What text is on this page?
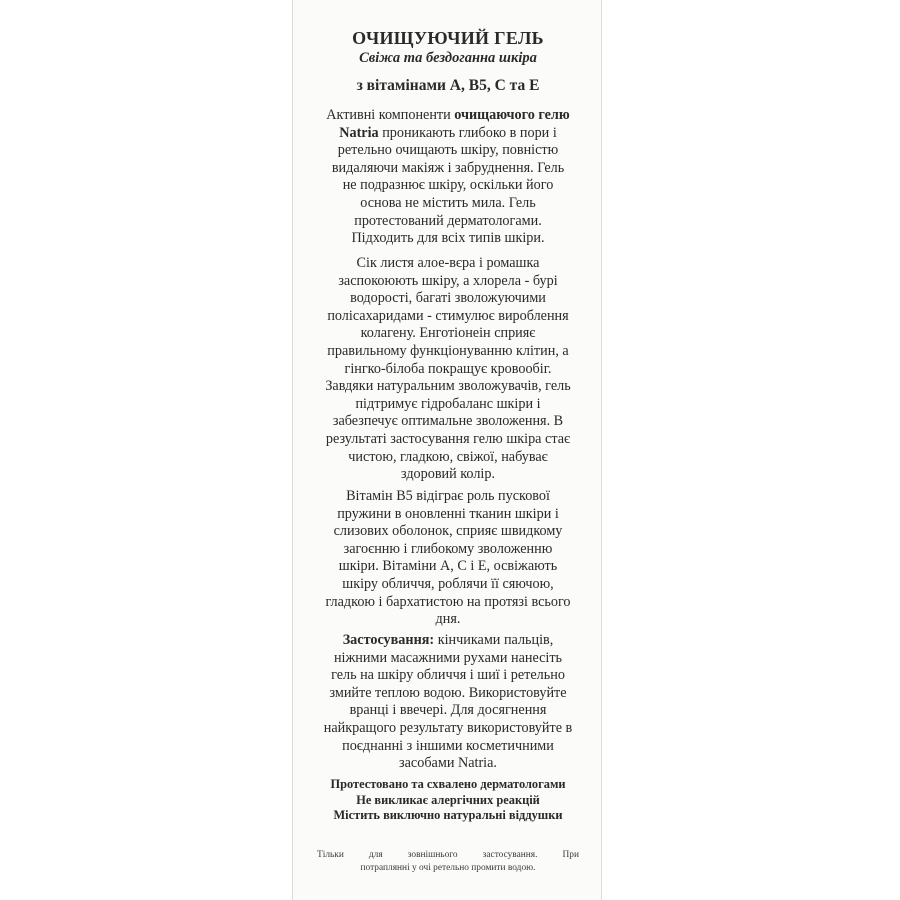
ОЧИЩУЮЧИЙ ГЕЛЬ
Свіжа та бездоганна шкіра
з вітамінами А, В5, С та Е
Активні компоненти очищаючого гелю
Natria проникають глибоко в пори і
ретельно очищають шкіру, повністю
видаляючи макіяж і забруднення. Гель
не подразнює шкіру, оскільки його
основа не містить мила. Гель
протестований дерматологами.
Підходить для всіх типів шкіри.
Сік листя алое-вєра і ромашка
заспокоюють шкіру, а хлорела - бурі
водорості, багаті зволожуючими
полісахаридами - стимулює вироблення
колагену. Енготіонеін сприяє
правильному функціонуванню клітин, а
гінгко-білоба покращує кровообіг.
Завдяки натуральним зволожувачів, гель
підтримує гідробаланс шкіри і
забезпечує оптимальне зволоження. В
результаті застосування гелю шкіра стає
чистою, гладкою, свіжої, набуває
здоровий колір.
Вітамін В5 відіграє роль пускової
пружини в оновленні тканин шкіри і
слизових оболонок, сприяє швидкому
загоєнню і глибокому зволоженню
шкіри. Вітаміни А, С і Е, освіжають
шкіру обличчя, роблячи її сяючою,
гладкою і бархатистою на протязі всього
дня.
Застосування: кінчиками пальців,
ніжними масажними рухами нанесіть
гель на шкіру обличчя і шиї і ретельно
змийте теплою водою. Використовуйте
вранці і ввечері. Для досягнення
найкращого результату використовуйте в
поєднанні з іншими косметичними
засобами Natria.
Протестовано та схвалено дерматологами
Не викликає алергічних реакцій
Містить виключно натуральні віддушки
Тільки для зовнішнього застосування. При
потраплянні у очі ретельно промити водою.
